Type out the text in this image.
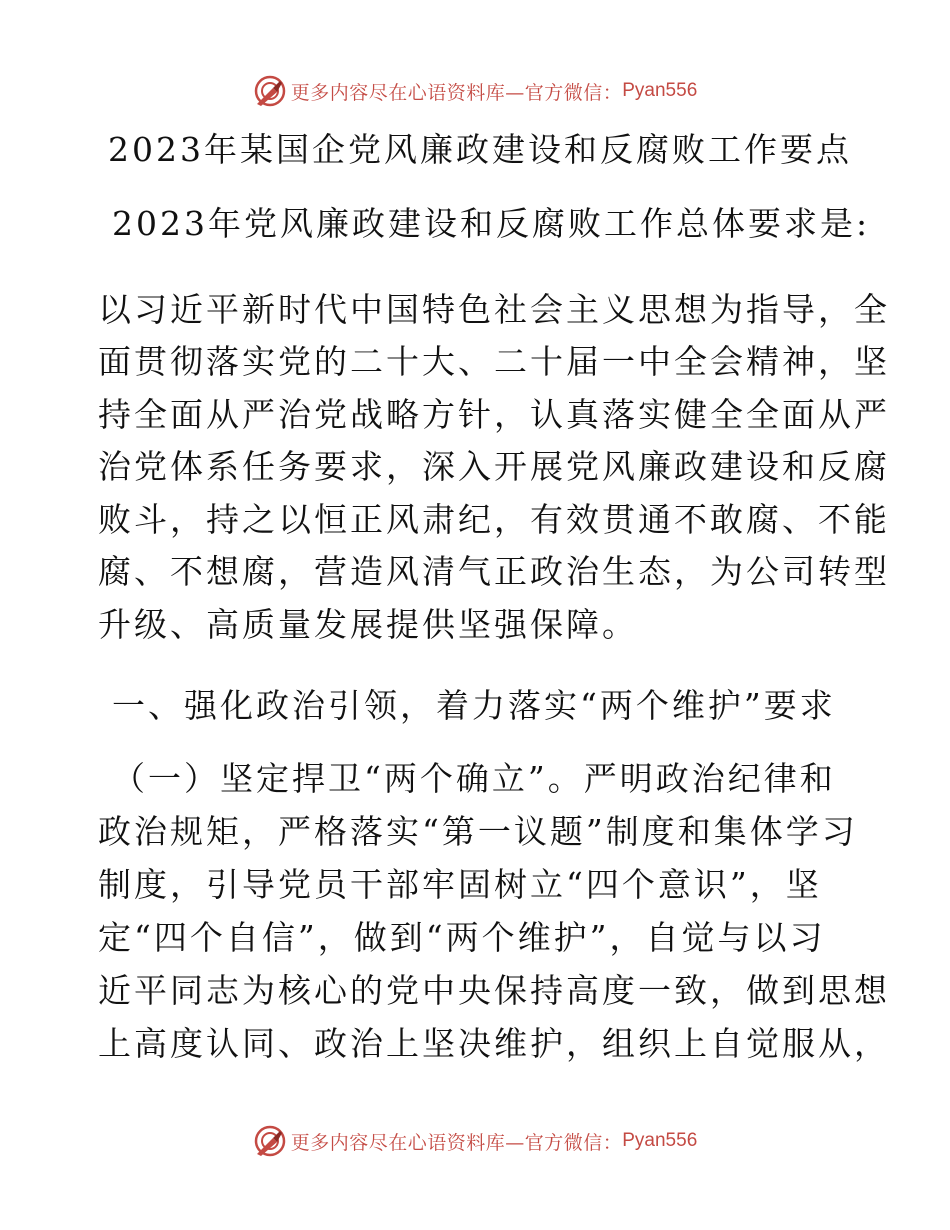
更多内容尽在心语资料库—官方微信： Pyan556
2023年某国企党风廉政建设和反腐败工作要点
2023年党风廉政建设和反腐败工作总体要求是:
以习近平新时代中国特色社会主义思想为指导，全
面贯彻落实党的二十大、二十届一中全会精神，坚
持全面从严治党战略方针，认真落实健全全面从严
治党体系任务要求，深入开展党风廉政建设和反腐
败斗，持之以恒正风肃纪，有效贯通不敢腐、不能
腐、不想腐，营造风清气正政治生态，为公司转型
升级、高质量发展提供坚强保障。
一、强化政治引领，着力落实“两个维护”要求
（一）坚定捍卫“两个确立”。严明政治纪律和
政治规矩，严格落实“第一议题”制度和集体学习
制度，引导党员干部牢固树立“四个意识”，坚
定“四个自信”，做到“两个维护”，自觉与以习
近平同志为核心的党中央保持高度一致，做到思想
上高度认同、政治上坚决维护，组织上自觉服从，
更多内容尽在心语资料库—官方微信： Pyan556
